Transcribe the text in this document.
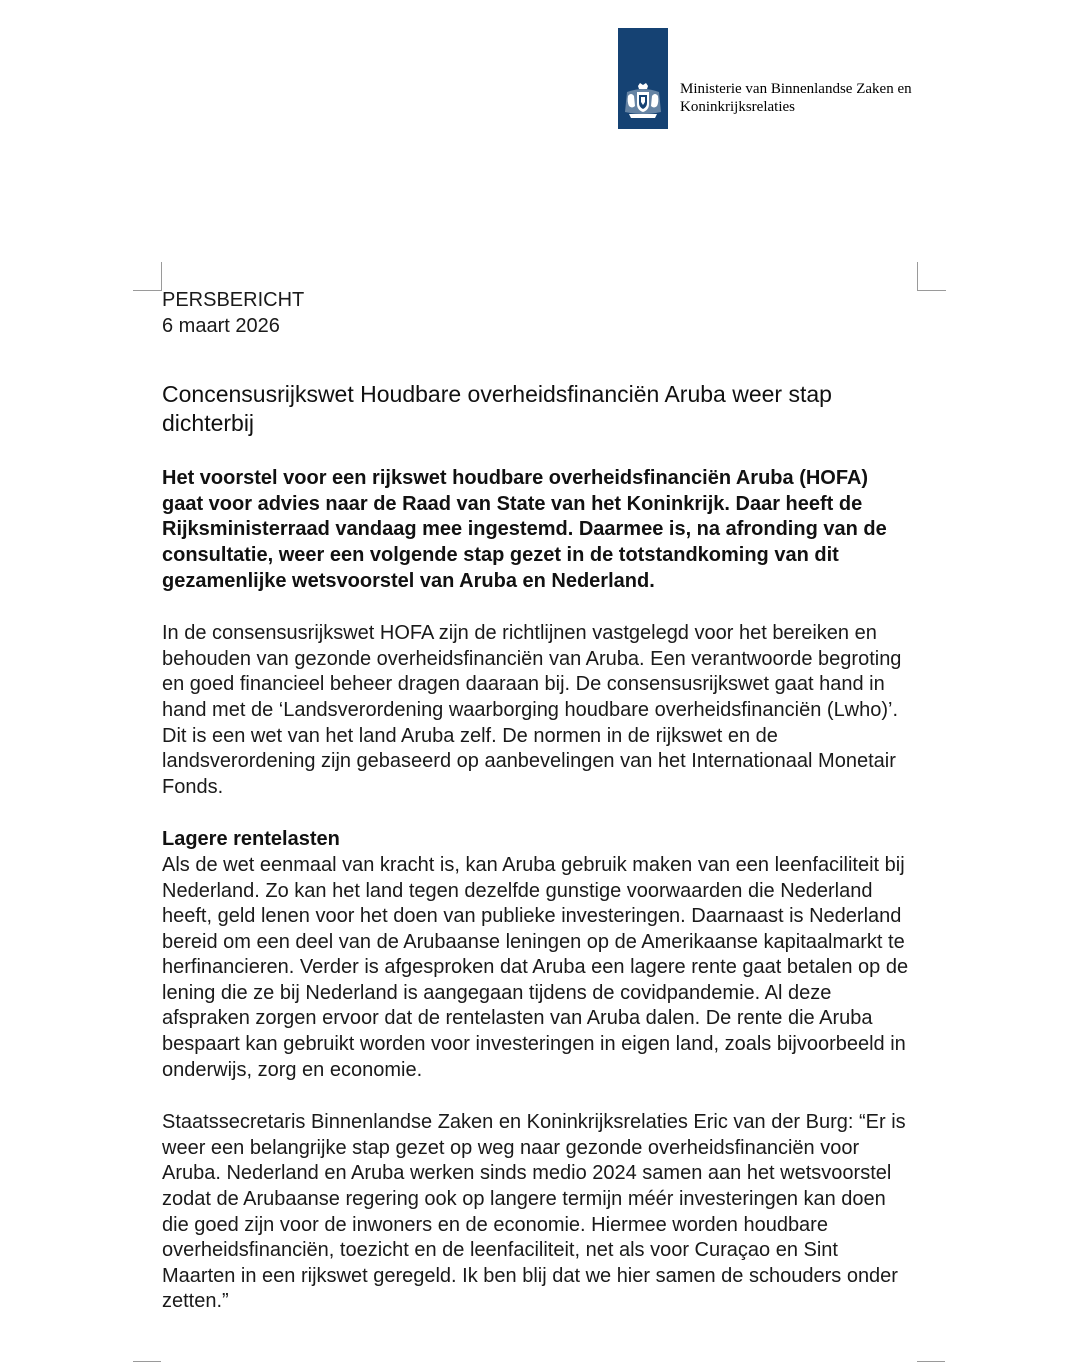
Ministerie van Binnenlandse Zaken en
Koninkrijksrelaties

PERSBERICHT

6 maart 2026

Concensusrijkswet Houdbare overheidsfinanciën Aruba weer stap dichterbij

Het voorstel voor een rijkswet houdbare overheidsfinanciën Aruba (HOFA) gaat voor advies naar de Raad van State van het Koninkrijk. Daar heeft de Rijksministerraad vandaag mee ingestemd. Daarmee is, na afronding van de consultatie, weer een volgende stap gezet in de totstandkoming van dit gezamenlijke wetsvoorstel van Aruba en Nederland.

In de consensusrijkswet HOFA zijn de richtlijnen vastgelegd voor het bereiken en behouden van gezonde overheidsfinanciën van Aruba. Een verantwoorde begroting en goed financieel beheer dragen daaraan bij. De consensusrijkswet gaat hand in hand met de ‘Landsverordening waarborging houdbare overheidsfinanciën (Lwho)’. Dit is een wet van het land Aruba zelf. De normen in de rijkswet en de landsverordening zijn gebaseerd op aanbevelingen van het Internationaal Monetair Fonds.

Lagere rentelasten

Als de wet eenmaal van kracht is, kan Aruba gebruik maken van een leenfaciliteit bij Nederland. Zo kan het land tegen dezelfde gunstige voorwaarden die Nederland heeft, geld lenen voor het doen van publieke investeringen. Daarnaast is Nederland bereid om een deel van de Arubaanse leningen op de Amerikaanse kapitaalmarkt te herfinancieren. Verder is afgesproken dat Aruba een lagere rente gaat betalen op de lening die ze bij Nederland is aangegaan tijdens de covidpandemie. Al deze afspraken zorgen ervoor dat de rentelasten van Aruba dalen. De rente die Aruba bespaart kan gebruikt worden voor investeringen in eigen land, zoals bijvoorbeeld in onderwijs, zorg en economie.

Staatssecretaris Binnenlandse Zaken en Koninkrijksrelaties Eric van der Burg: “Er is weer een belangrijke stap gezet op weg naar gezonde overheidsfinanciën voor Aruba. Nederland en Aruba werken sinds medio 2024 samen aan het wetsvoorstel zodat de Arubaanse regering ook op langere termijn méér investeringen kan doen die goed zijn voor de inwoners en de economie. Hiermee worden houdbare overheidsfinanciën, toezicht en de leenfaciliteit, net als voor Curaçao en Sint Maarten in een rijkswet geregeld. Ik ben blij dat we hier samen de schouders onder zetten.”
